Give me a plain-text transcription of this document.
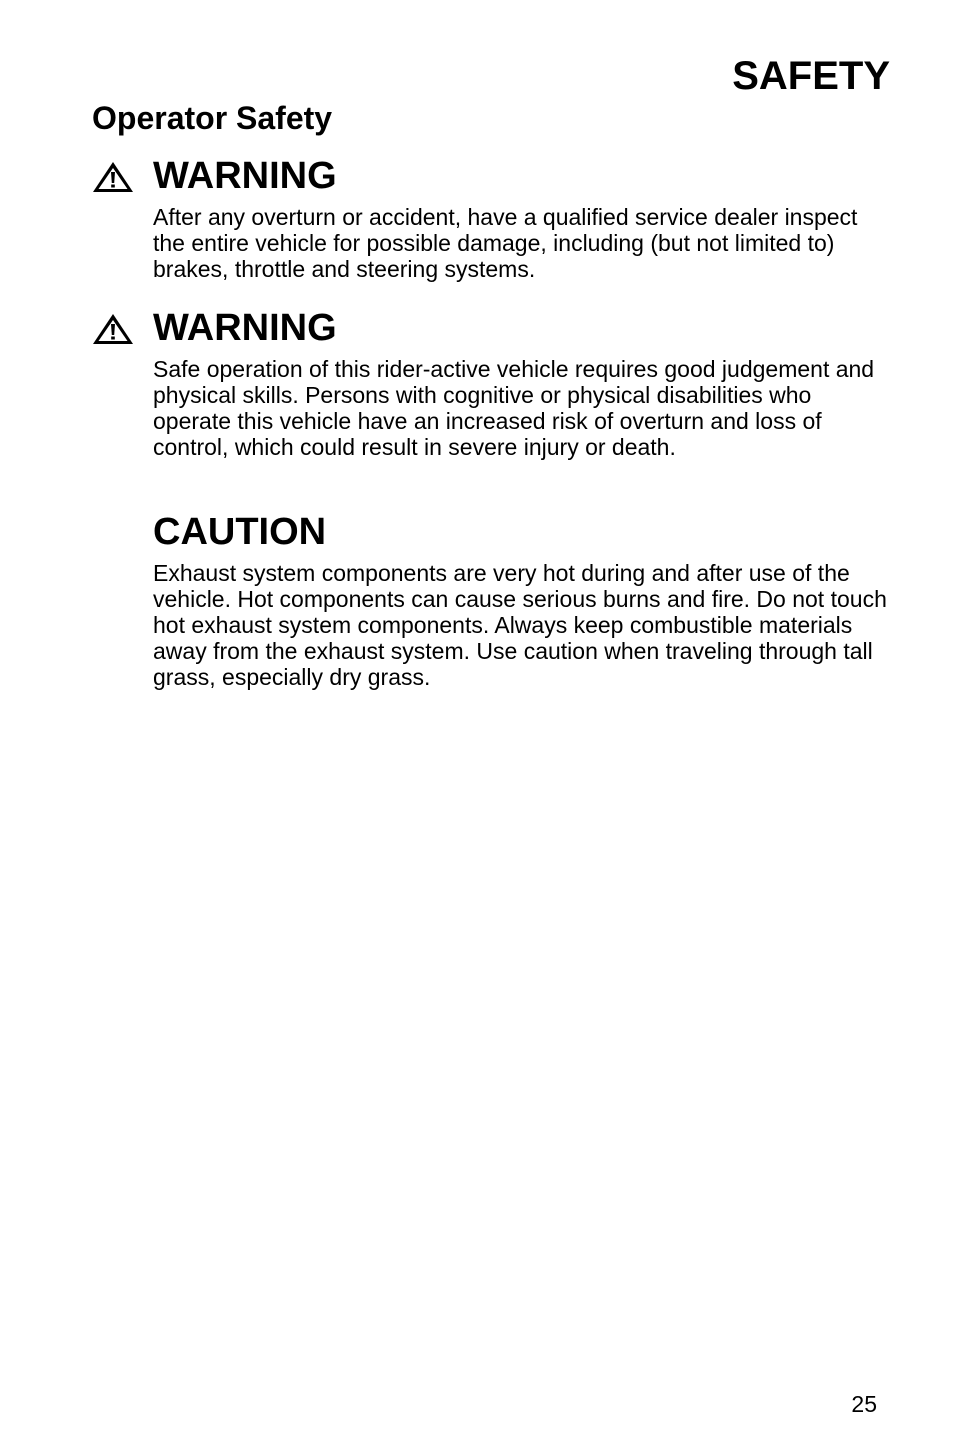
SAFETY
Operator Safety
WARNING

After any overturn or accident, have a qualified service dealer inspect the entire vehicle for possible damage, including (but not limited to) brakes, throttle and steering systems.

WARNING

Safe operation of this rider-active vehicle requires good judgement and physical skills. Persons with cognitive or physical disabilities who operate this vehicle have an increased risk of overturn and loss of control, which could result in severe injury or death.

CAUTION

Exhaust system components are very hot during and after use of the vehicle. Hot components can cause serious burns and fire. Do not touch hot exhaust system components. Always keep combustible materials away from the exhaust system. Use caution when traveling through tall grass, especially dry grass.

25
